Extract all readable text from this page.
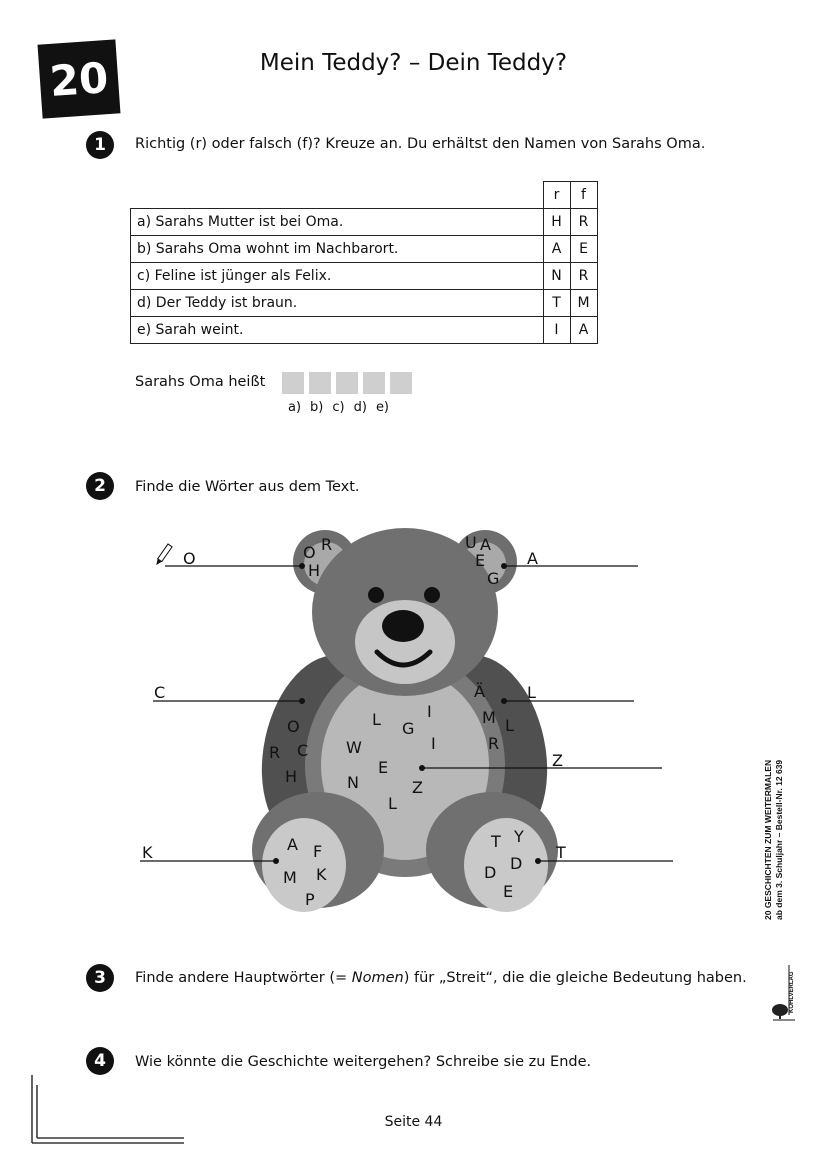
20	Mein Teddy? – Dein Teddy?
1	Richtig (r) oder falsch (f)? Kreuze an. Du erhältst den Namen von Sarahs Oma.
	r	f
a) Sarahs Mutter ist bei Oma.	H	R
b) Sarahs Oma wohnt im Nachbarort.	A	E
c) Feline ist jünger als Felix.	N	R
d) Der Teddy ist braun.	T	M
e) Sarah weint.	I	A
Sarahs Oma heißt
a) b) c) d) e)
2	Finde die Wörter aus dem Text.
O	A
C	L
Z
K	T
O R
H
U A
E
G
O
R C
H
Ä
M L
R
L G
I
W	I
E
N	Z
L
A F
M K
P
T Y
D D
E
3	Finde andere Hauptwörter (= Nomen) für „Streit“, die die gleiche Bedeutung haben.
4	Wie könnte die Geschichte weitergehen? Schreibe sie zu Ende.
20 GESCHICHTEN ZUM WEITERMALEN ab dem 3. Schuljahr – Bestell-Nr. 12 639
KOHLVERLAG
Seite 44
